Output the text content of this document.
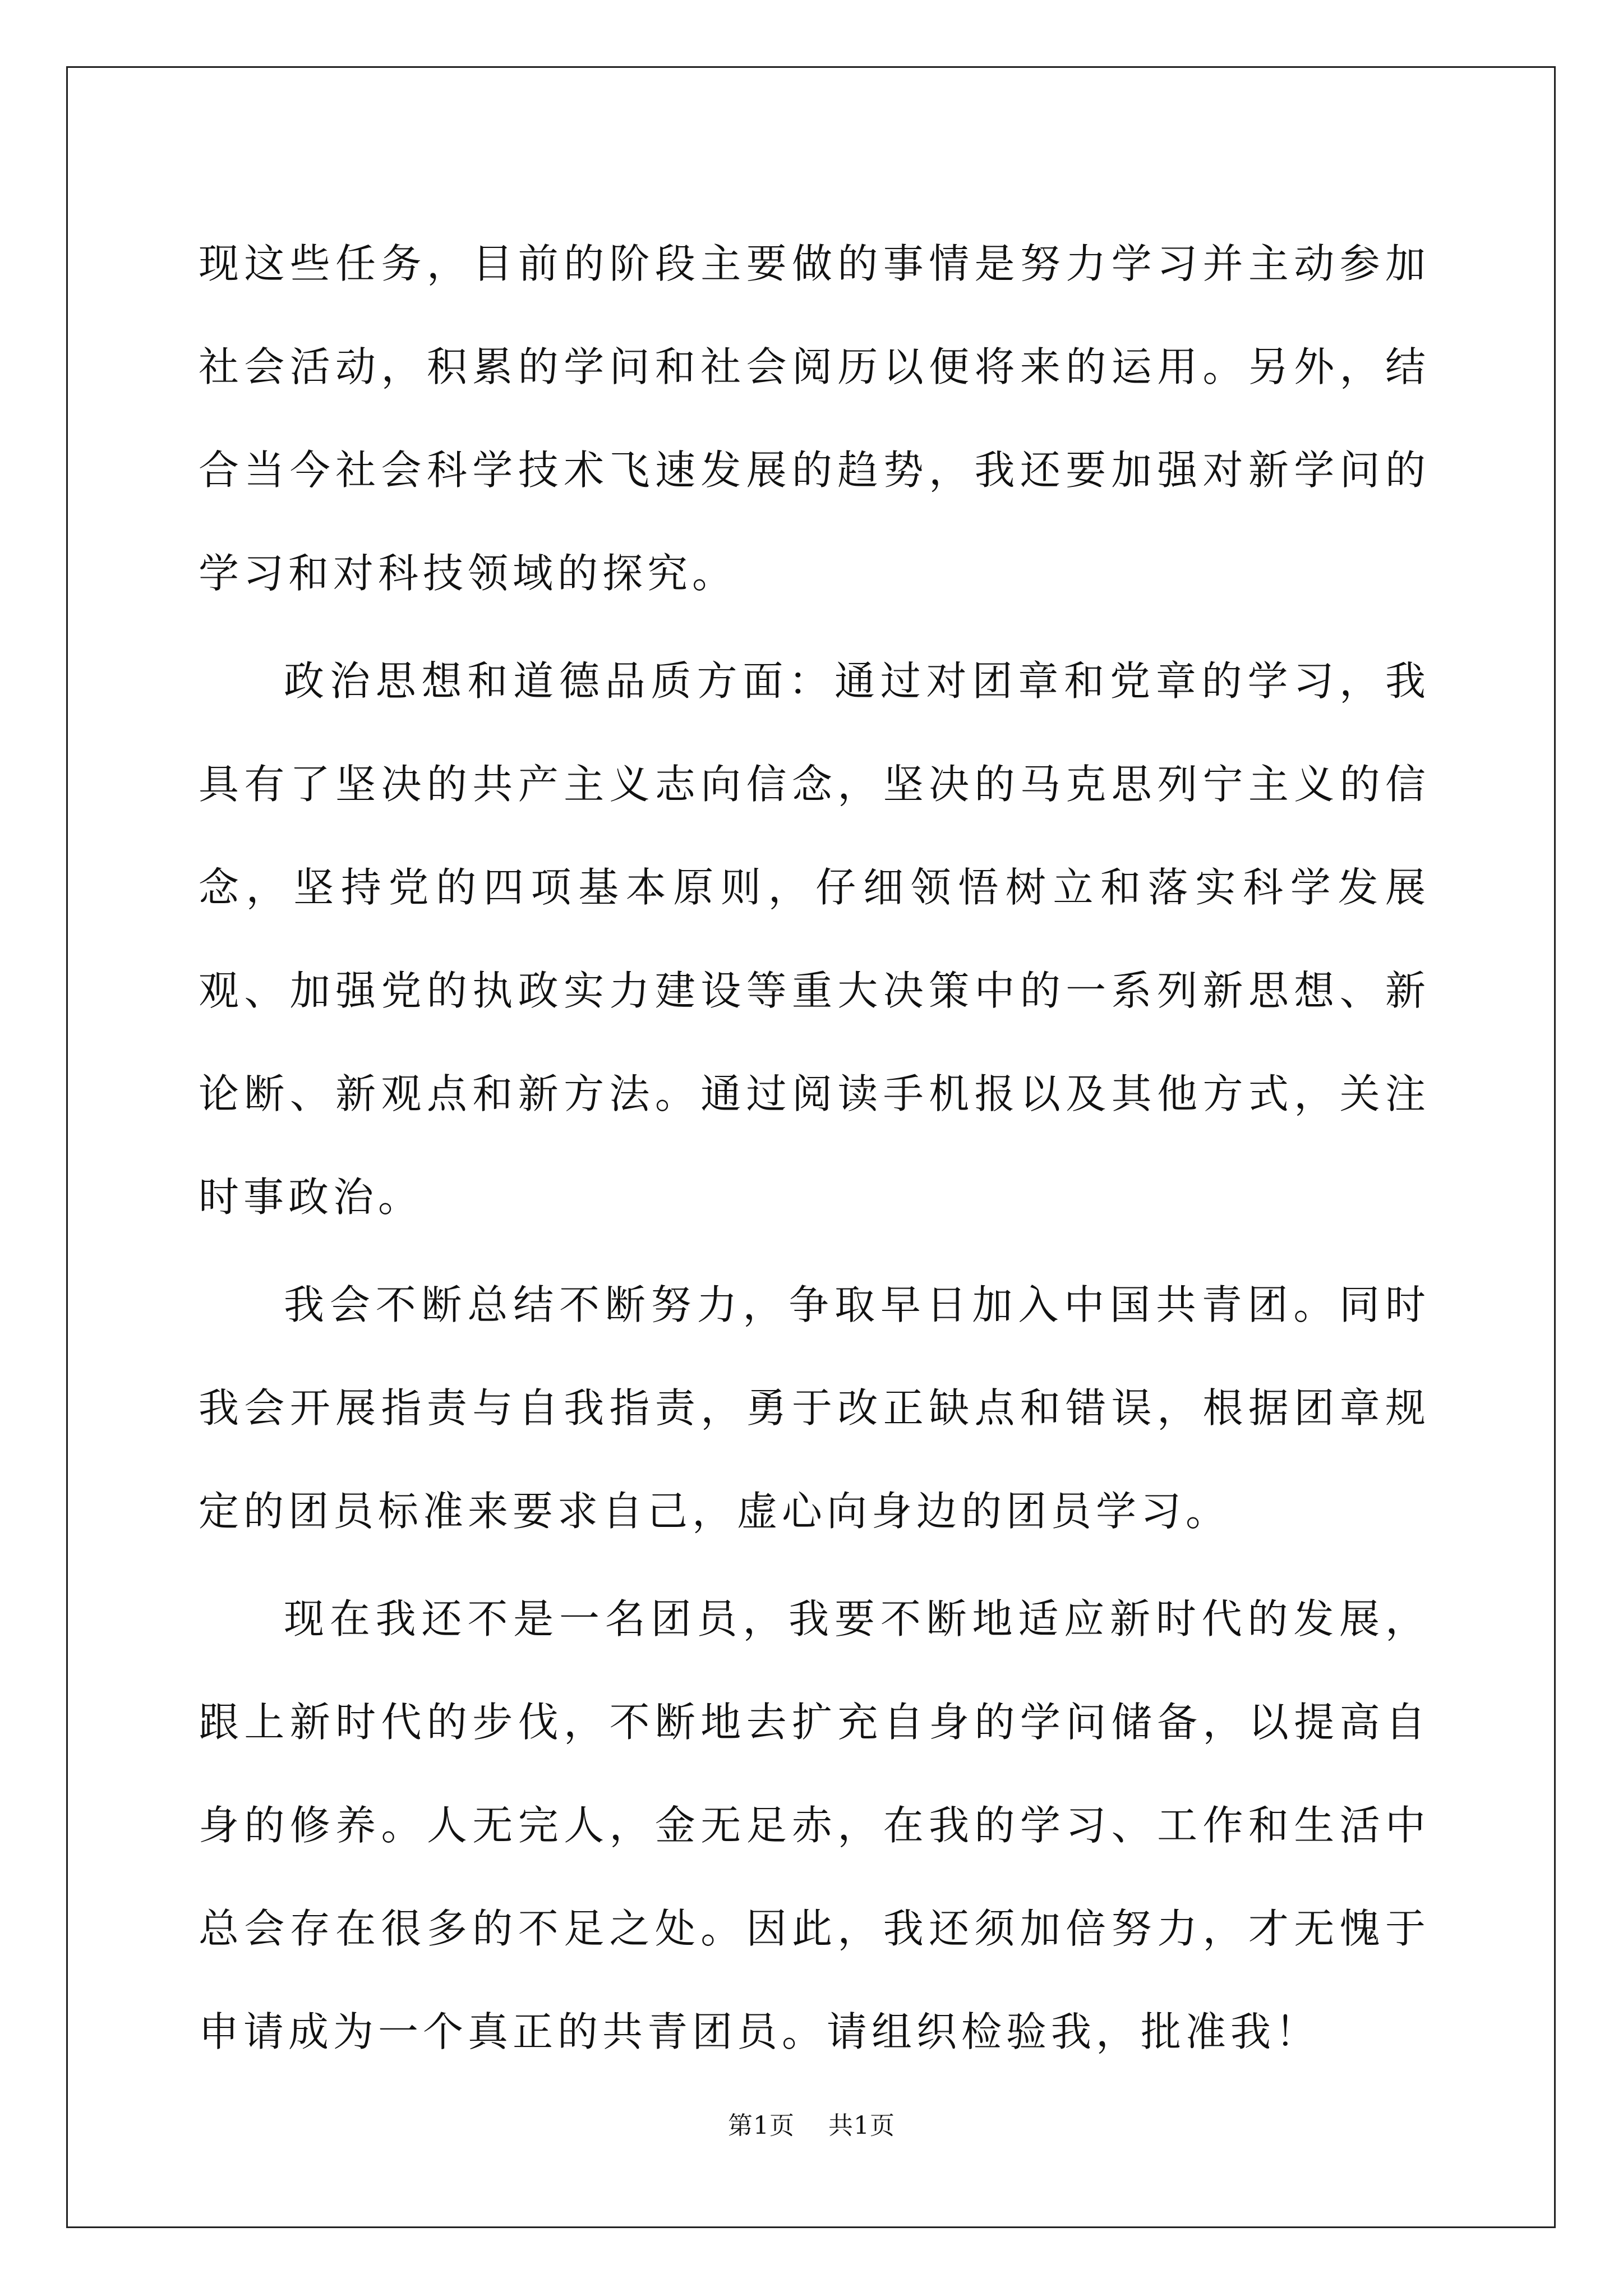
现这些任务，目前的阶段主要做的事情是努力学习并主动参加社会活动，积累的学问和社会阅历以便将来的运用。另外，结合当今社会科学技术飞速发展的趋势，我还要加强对新学问的学习和对科技领域的探究。

政治思想和道德品质方面：通过对团章和党章的学习，我具有了坚决的共产主义志向信念，坚决的马克思列宁主义的信念，坚持党的四项基本原则，仔细领悟树立和落实科学发展观、加强党的执政实力建设等重大决策中的一系列新思想、新论断、新观点和新方法。通过阅读手机报以及其他方式，关注时事政治。

我会不断总结不断努力，争取早日加入中国共青团。同时我会开展指责与自我指责，勇于改正缺点和错误，根据团章规定的团员标准来要求自己，虚心向身边的团员学习。

现在我还不是一名团员，我要不断地适应新时代的发展，跟上新时代的步伐，不断地去扩充自身的学问储备，以提高自身的修养。人无完人，金无足赤，在我的学习、工作和生活中总会存在很多的不足之处。因此，我还须加倍努力，才无愧于申请成为一个真正的共青团员。请组织检验我，批准我！

第1页 共1页
